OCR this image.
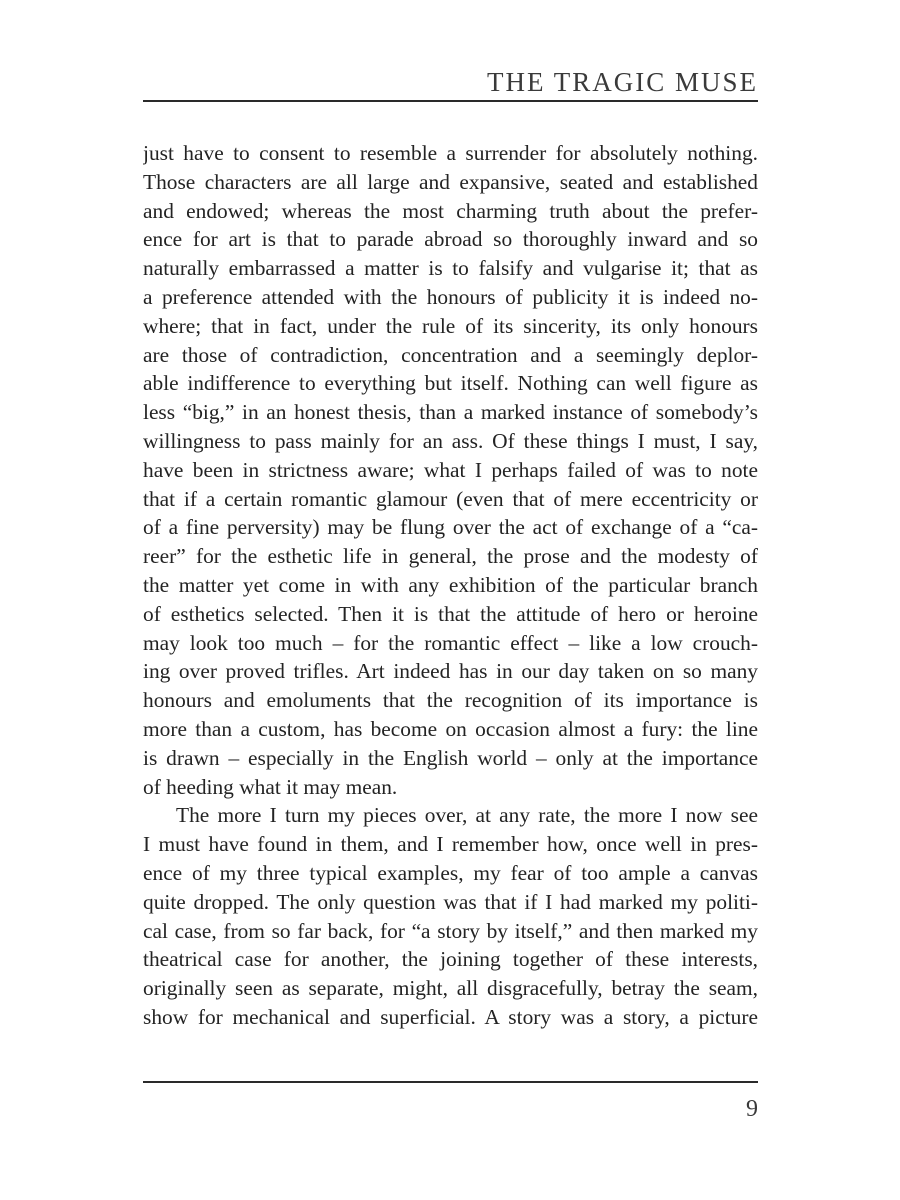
THE TRAGIC MUSE
just have to consent to resemble a surrender for absolutely nothing.
Those characters are all large and expansive, seated and established
and endowed; whereas the most charming truth about the prefer-
ence for art is that to parade abroad so thoroughly inward and so
naturally embarrassed a matter is to falsify and vulgarise it; that as
a preference attended with the honours of publicity it is indeed no-
where; that in fact, under the rule of its sincerity, its only honours
are those of contradiction, concentration and a seemingly deplor-
able indifference to everything but itself. Nothing can well figure as
less “big,” in an honest thesis, than a marked instance of somebody’s
willingness to pass mainly for an ass. Of these things I must, I say,
have been in strictness aware; what I perhaps failed of was to note
that if a certain romantic glamour (even that of mere eccentricity or
of a fine perversity) may be flung over the act of exchange of a “ca-
reer” for the esthetic life in general, the prose and the modesty of
the matter yet come in with any exhibition of the particular branch
of esthetics selected. Then it is that the attitude of hero or heroine
may look too much – for the romantic effect – like a low crouch-
ing over proved trifles. Art indeed has in our day taken on so many
honours and emoluments that the recognition of its importance is
more than a custom, has become on occasion almost a fury: the line
is drawn – especially in the English world – only at the importance
of heeding what it may mean.
The more I turn my pieces over, at any rate, the more I now see
I must have found in them, and I remember how, once well in pres-
ence of my three typical examples, my fear of too ample a canvas
quite dropped. The only question was that if I had marked my politi-
cal case, from so far back, for “a story by itself,” and then marked my
theatrical case for another, the joining together of these interests,
originally seen as separate, might, all disgracefully, betray the seam,
show for mechanical and superficial. A story was a story, a picture
9
